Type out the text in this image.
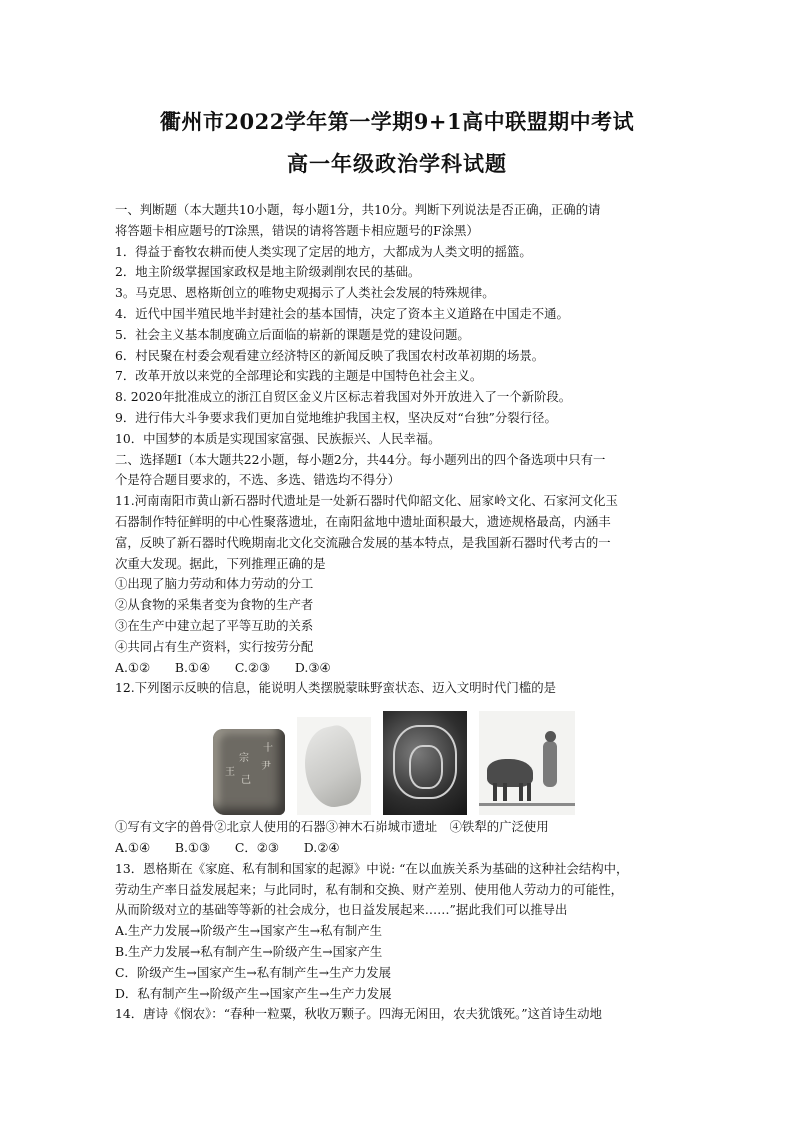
衢州市2022学年第一学期9+1高中联盟期中考试
高一年级政治学科试题

一、判断题（本大题共10小题，每小题1分，共10分。判断下列说法是否正确，正确的请

将答题卡相应题号的T涂黑，错误的请将答题卡相应题号的F涂黑）

1．得益于畜牧农耕而使人类实现了定居的地方，大都成为人类文明的摇篮。

2．地主阶级掌握国家政权是地主阶级剥削农民的基础。

3。马克思、恩格斯创立的唯物史观揭示了人类社会发展的特殊规律。

4．近代中国半殖民地半封建社会的基本国情，决定了资本主义道路在中国走不通。

5．社会主义基本制度确立后面临的崭新的课题是党的建设问题。

6．村民聚在村委会观看建立经济特区的新闻反映了我国农村改革初期的场景。

7．改革开放以来党的全部理论和实践的主题是中国特色社会主义。

8. 2020年批准成立的浙江自贸区金义片区标志着我国对外开放进入了一个新阶段。

9．进行伟大斗争要求我们更加自觉地维护我国主权，坚决反对“台独”分裂行径。

10．中国梦的本质是实现国家富强、民族振兴、人民幸福。

二、选择题Ⅰ（本大题共22小题，每小题2分，共44分。每小题列出的四个备选项中只有一

个是符合题目要求的，不选、多选、错选均不得分）

11.河南南阳市黄山新石器时代遗址是一处新石器时代仰韶文化、屈家岭文化、石家河文化玉

石器制作特征鲜明的中心性聚落遗址，在南阳盆地中遗址面积最大，遗迹规格最高，内涵丰

富，反映了新石器时代晚期南北文化交流融合发展的基本特点，是我国新石器时代考古的一

次重大发现。据此，下列推理正确的是

①出现了脑力劳动和体力劳动的分工

②从食物的采集者变为食物的生产者

③在生产中建立起了平等互助的关系

④共同占有生产资料，实行按劳分配

A.①②　　B.①④　　C.②③　　D.③④

12.下列图示反映的信息，能说明人类摆脱蒙昧野蛮状态、迈入文明时代门槛的是

十
尹
宗
己
王

①写有文字的兽骨②北京人使用的石器③神木石峁城市遗址　④铁犁的广泛使用

A.①④　　B.①③　　C．②③　　D.②④

13．恩格斯在《家庭、私有制和国家的起源》中说: “在以血族关系为基础的这种社会结构中，

劳动生产率日益发展起来；与此同时，私有制和交换、财产差别、使用他人劳动力的可能性，

从而阶级对立的基础等等新的社会成分，也日益发展起来……”据此我们可以推导出

A.生产力发展→阶级产生→国家产生→私有制产生

B.生产力发展→私有制产生→阶级产生→国家产生

C．阶级产生→国家产生→私有制产生→生产力发展

D．私有制产生→阶级产生→国家产生→生产力发展

14．唐诗《悯农》：“春种一粒粟，秋收万颗子。四海无闲田，农夫犹饿死。”这首诗生动地
